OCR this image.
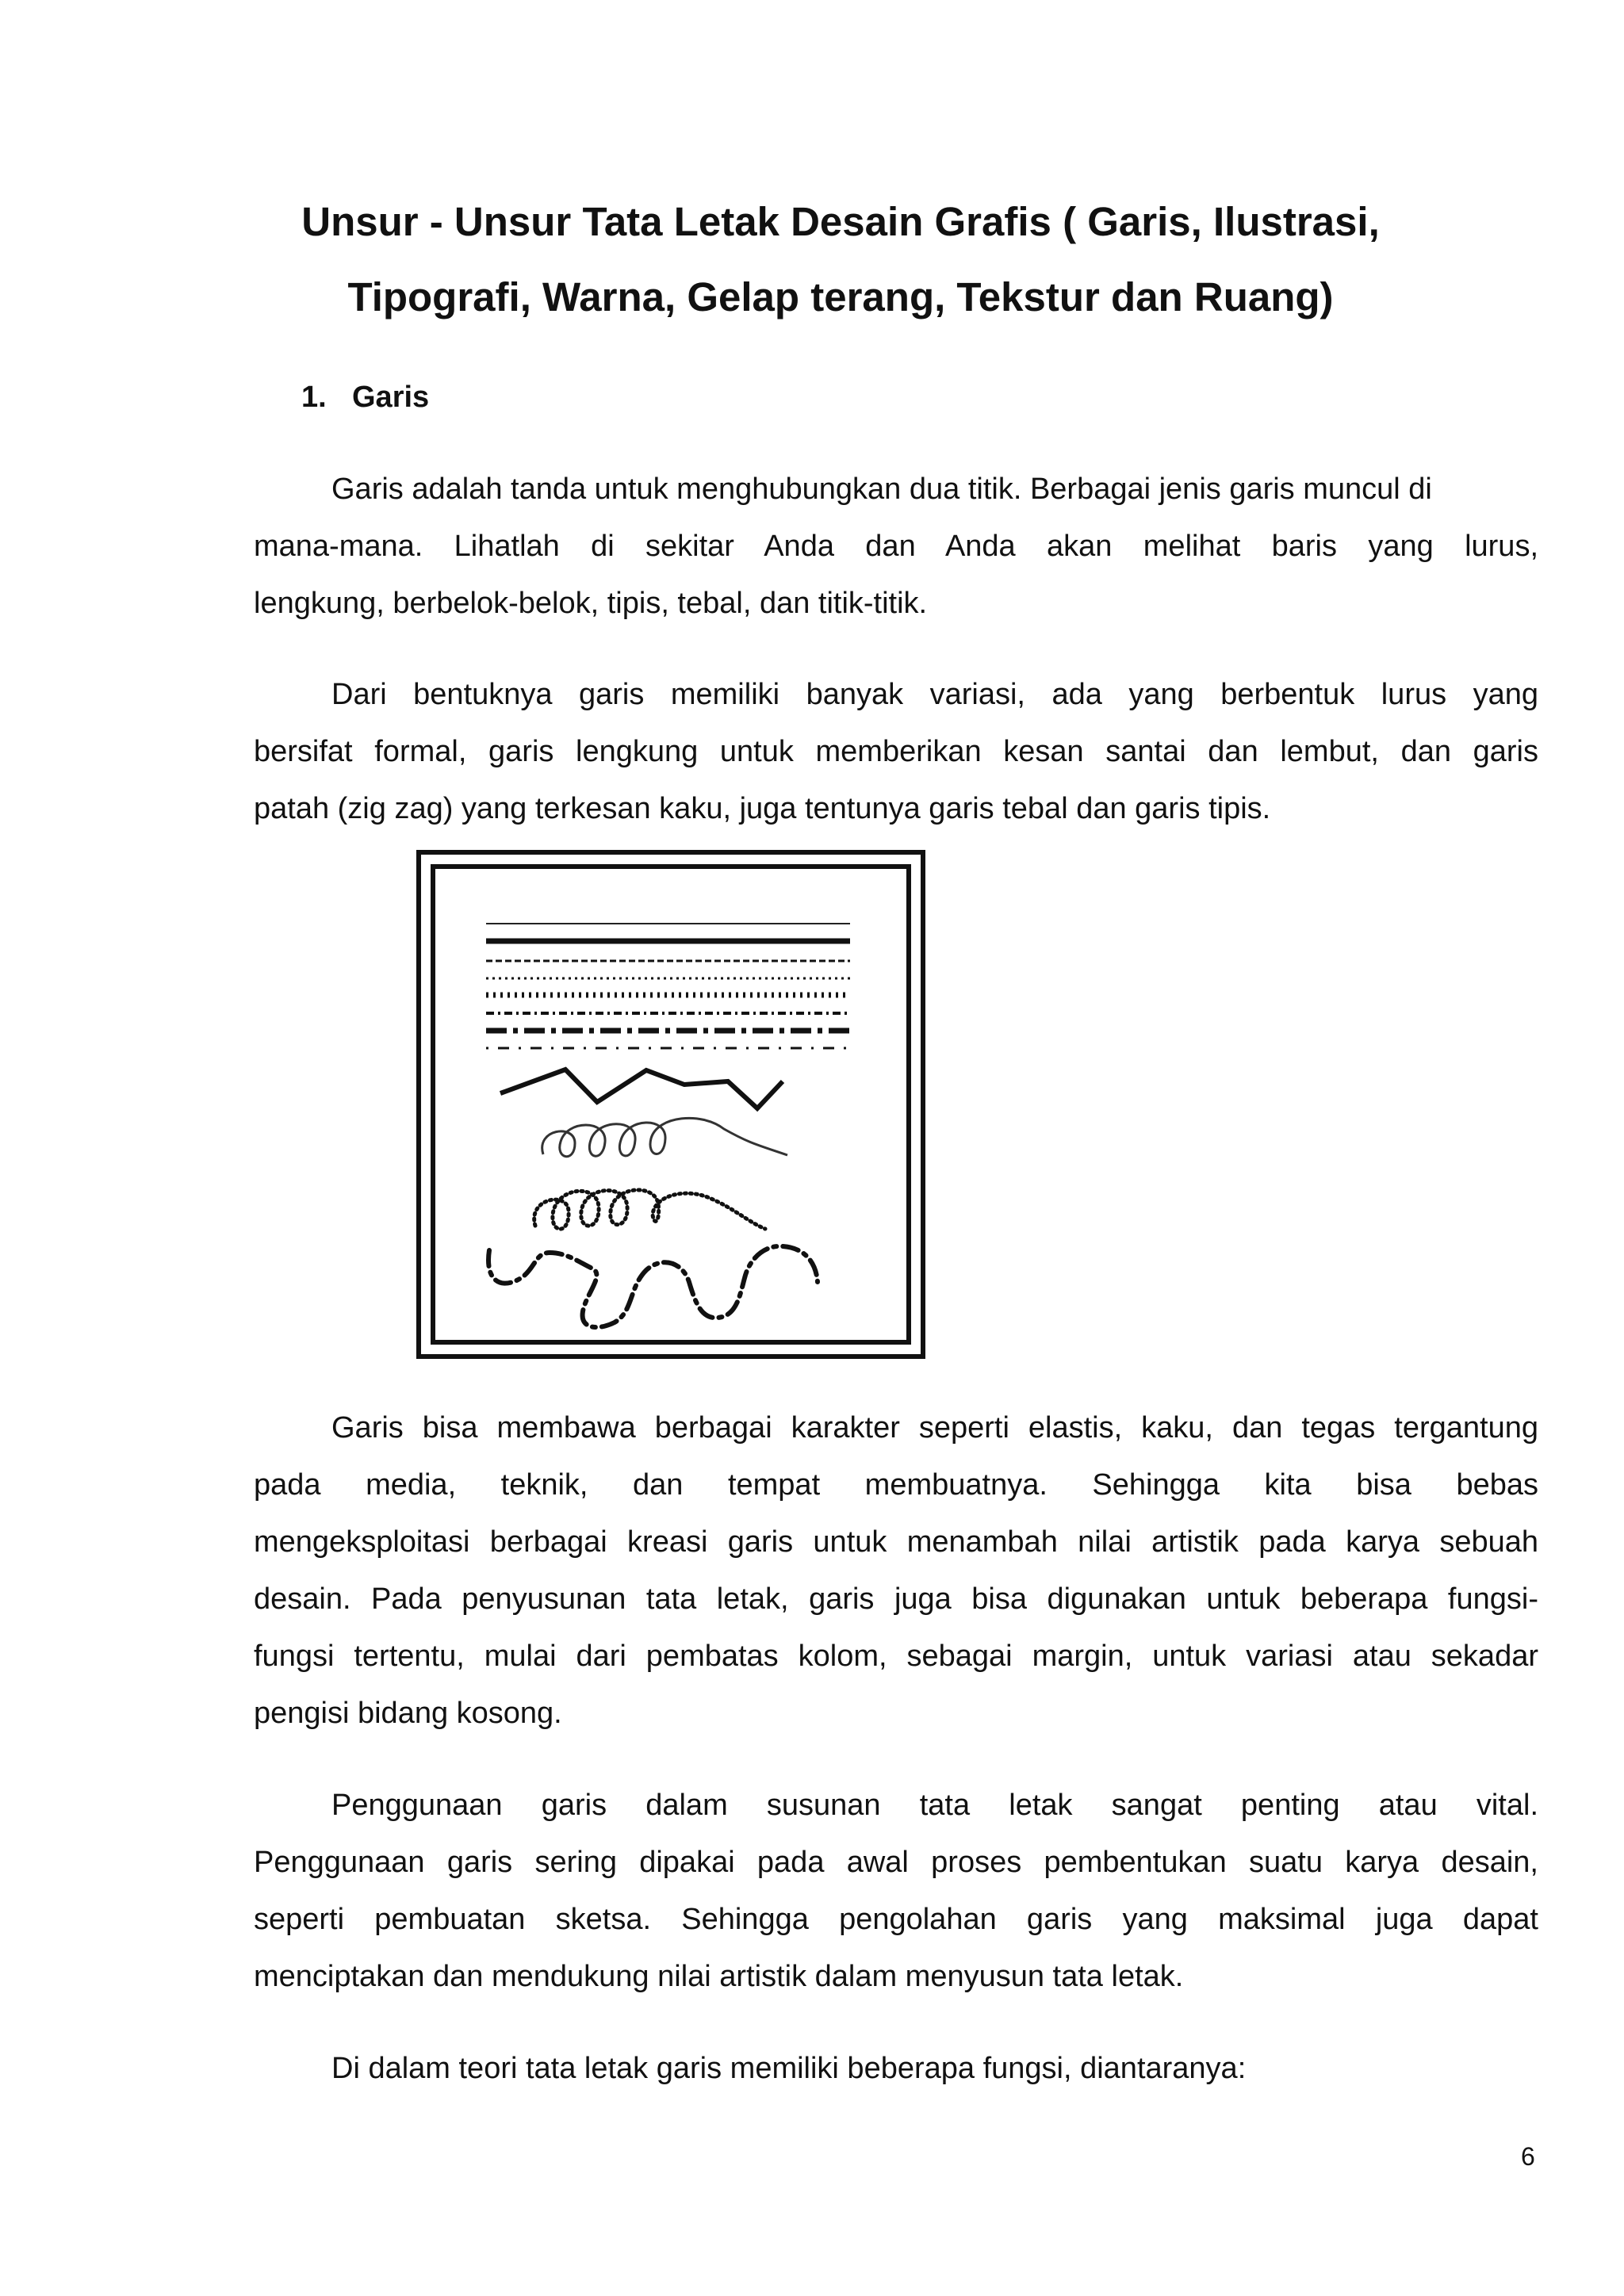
Unsur - Unsur Tata Letak Desain Grafis ( Garis, Ilustrasi,
Tipografi, Warna, Gelap terang, Tekstur dan Ruang)
1. Garis
Garis adalah tanda untuk menghubungkan dua titik. Berbagai jenis garis muncul di
mana-mana. Lihatlah di sekitar Anda dan Anda akan melihat baris yang lurus,
lengkung, berbelok-belok, tipis, tebal, dan titik-titik.
Dari bentuknya garis memiliki banyak variasi, ada yang berbentuk lurus yang
bersifat formal, garis lengkung untuk memberikan kesan santai dan lembut, dan garis
patah (zig zag) yang terkesan kaku, juga tentunya garis tebal dan garis tipis.
Garis bisa membawa berbagai karakter seperti elastis, kaku, dan tegas tergantung
pada media, teknik, dan tempat membuatnya. Sehingga kita bisa bebas
mengeksploitasi berbagai kreasi garis untuk menambah nilai artistik pada karya sebuah
desain. Pada penyusunan tata letak, garis juga bisa digunakan untuk beberapa fungsi-
fungsi tertentu, mulai dari pembatas kolom, sebagai margin, untuk variasi atau sekadar
pengisi bidang kosong.
Penggunaan garis dalam susunan tata letak sangat penting atau vital.
Penggunaan garis sering dipakai pada awal proses pembentukan suatu karya desain,
seperti pembuatan sketsa. Sehingga pengolahan garis yang maksimal juga dapat
menciptakan dan mendukung nilai artistik dalam menyusun tata letak.
Di dalam teori tata letak garis memiliki beberapa fungsi, diantaranya:
6
